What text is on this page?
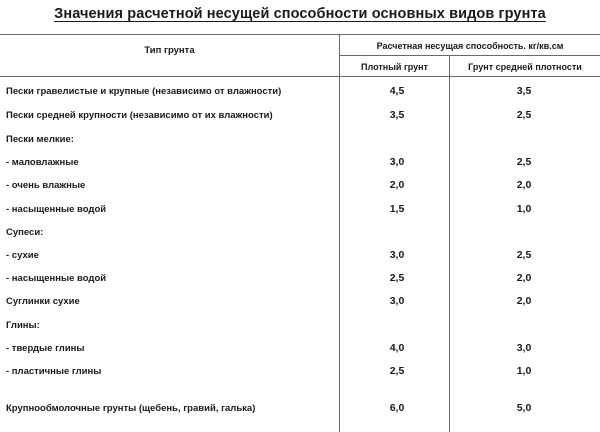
Значения расчетной несущей способности основных видов грунта
Тип грунта	Расчетная несущая способность. кг/кв.см
Плотный грунт	Грунт средней плотности
Пески гравелистые и крупные (независимо от влажности)	4,5	3,5
Пески средней крупности (независимо от их влажности)	3,5	2,5
Пески мелкие:
- маловлажные	3,0	2,5
- очень влажные	2,0	2,0
- насыщенные водой	1,5	1,0
Супеси:
- сухие	3,0	2,5
- насыщенные водой	2,5	2,0
Суглинки сухие	3,0	2,0
Глины:
- твердые глины	4,0	3,0
- пластичные глины	2,5	1,0
Крупнообмолочные грунты (щебень, гравий, галька)	6,0	5,0
